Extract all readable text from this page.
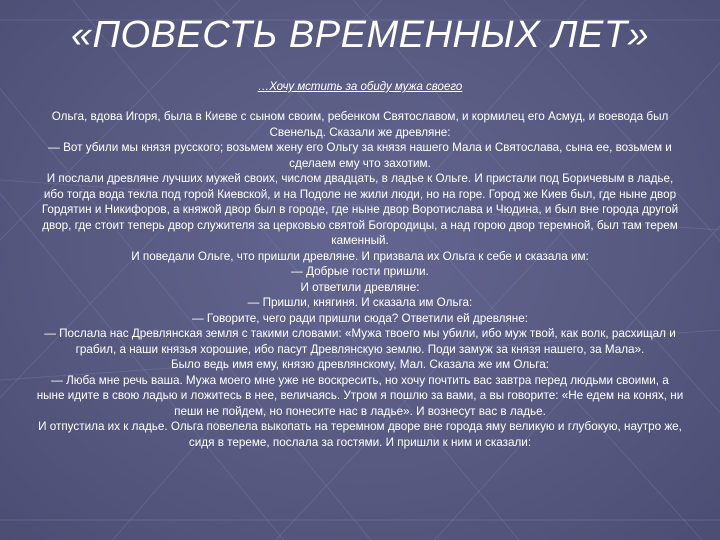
«ПОВЕСТЬ ВРЕМЕННЫХ ЛЕТ»
…Хочу мстить за обиду мужа своего

Ольга, вдова Игоря, была в Киеве с сыном своим, ребенком Святославом, и кормилец его Асмуд, и воевода был Свенельд. Сказали же древляне:

— Вот убили мы князя русского; возьмем жену его Ольгу за князя нашего Мала и Святослава, сына ее, возьмем и сделаем ему что захотим.

И послали древляне лучших мужей своих, числом двадцать, в ладье к Ольге. И пристали под Боричевым в ладье, ибо тогда вода текла под горой Киевской, и на Подоле не жили люди, но на горе. Город же Киев был, где ныне двор Гордятин и Никифоров, а княжой двор был в городе, где ныне двор Воротислава и Чюдина, и был вне города другой двор, где стоит теперь двор служителя за церковью святой Богородицы, а над горою двор теремной, был там терем каменный.

И поведали Ольге, что пришли древляне. И призвала их Ольга к себе и сказала им:

— Добрые гости пришли.

И ответили древляне:

— Пришли, княгиня. И сказала им Ольга:

— Говорите, чего ради пришли сюда? Ответили ей древляне:

— Послала нас Древлянская земля с такими словами: «Мужа твоего мы убили, ибо муж твой, как волк, расхищал и грабил, а наши князья хорошие, ибо пасут Древлянскую землю. Поди замуж за князя нашего, за Мала».

Было ведь имя ему, князю древлянскому, Мал. Сказала же им Ольга:

— Люба мне речь ваша. Мужа моего мне уже не воскресить, но хочу почтить вас завтра перед людьми своими, а ныне идите в свою ладью и ложитесь в нее, величаясь. Утром я пошлю за вами, а вы говорите: «Не едем на конях, ни пеши не пойдем, но понесите нас в ладье». И вознесут вас в ладье.

И отпустила их к ладье. Ольга повелела выкопать на теремном дворе вне города яму великую и глубокую, наутро же, сидя в тереме, послала за гостями. И пришли к ним и сказали:
